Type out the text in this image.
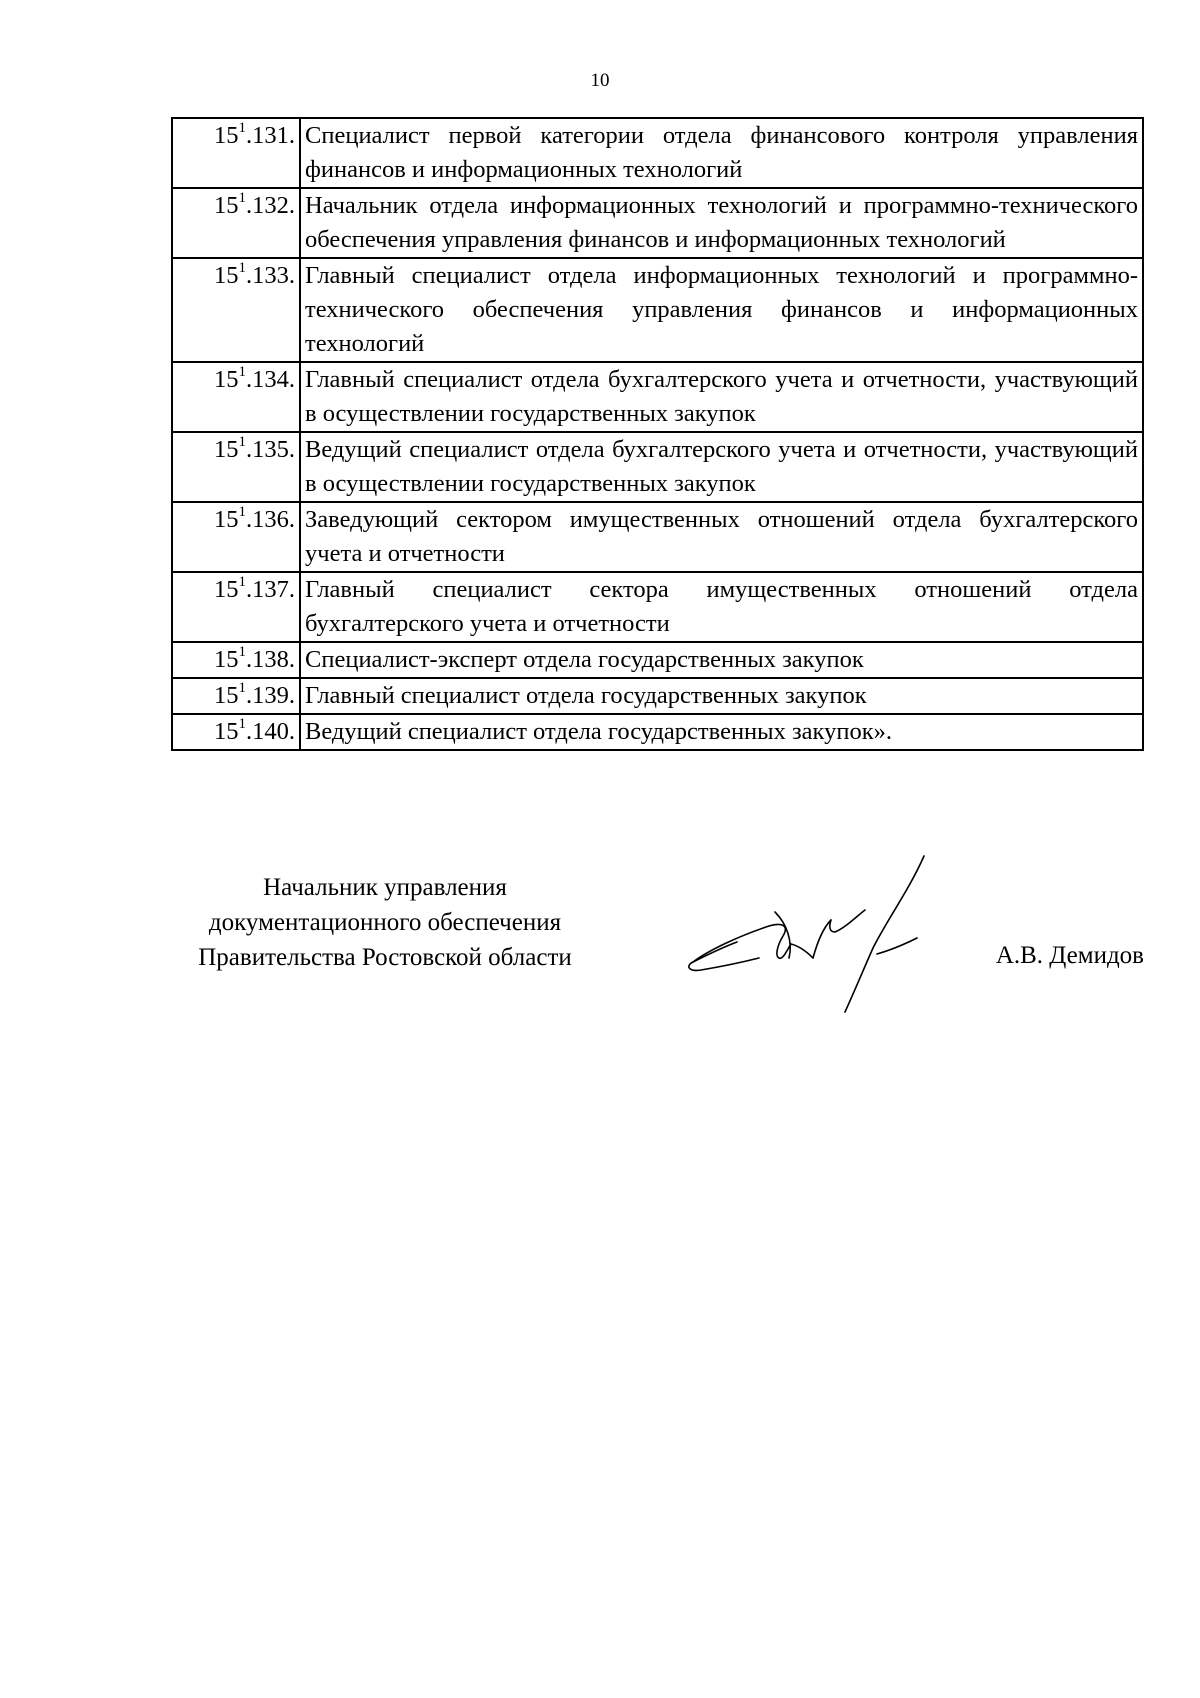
10
$15^1.131$.	Специалист первой категории отдела финансового контроля управления финансов и информационных технологий
$15^1.132$.	Начальник отдела информационных технологий и программно-технического обеспечения управления финансов и информационных технологий
$15^1.133$.	Главный специалист отдела информационных технологий и программно-технического обеспечения управления финансов и информационных технологий
$15^1.134$.	Главный специалист отдела бухгалтерского учета и отчетности, участвующий в осуществлении государственных закупок
$15^1.135$.	Ведущий специалист отдела бухгалтерского учета и отчетности, участвующий в осуществлении государственных закупок
$15^1.136$.	Заведующий сектором имущественных отношений отдела бухгалтерского учета и отчетности
$15^1.137$.	Главный специалист сектора имущественных отношений отдела бухгалтерского учета и отчетности
$15^1.138$.	Специалист-эксперт отдела государственных закупок
$15^1.139$.	Главный специалист отдела государственных закупок
$15^1.140$.	Ведущий специалист отдела государственных закупок».
Начальник управления
документационного обеспечения
Правительства Ростовской области	А.В. Демидов
